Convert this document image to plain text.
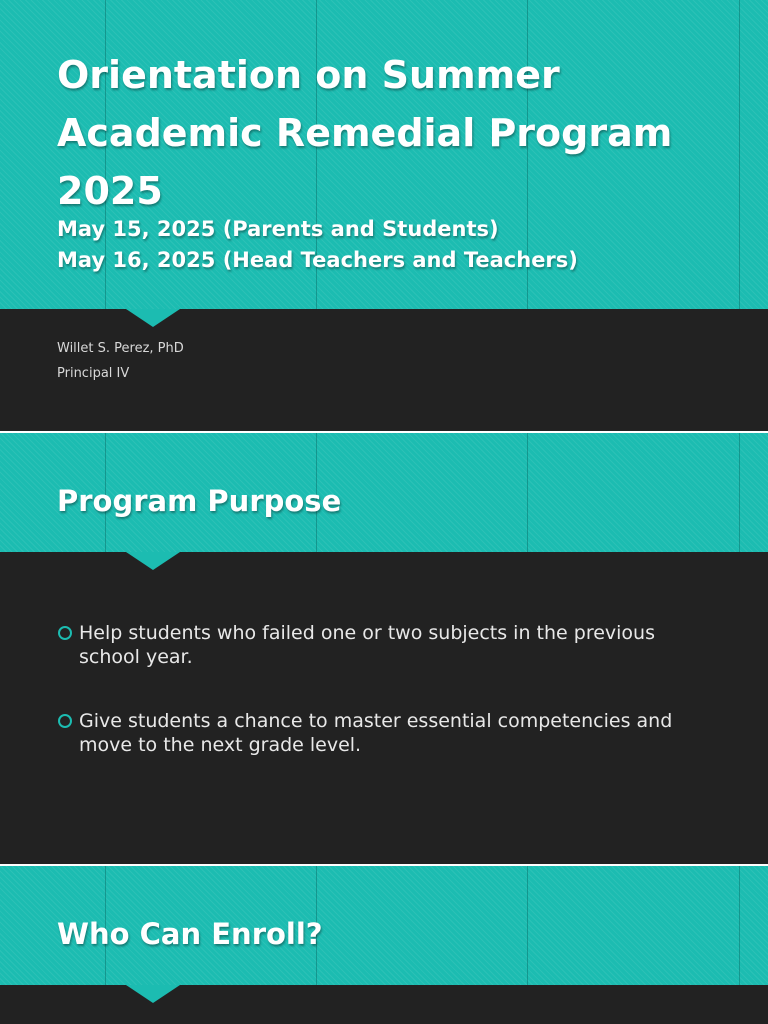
Orientation on Summer
Academic Remedial Program
2025
May 15, 2025 (Parents and Students)
May 16, 2025 (Head Teachers and Teachers)
Willet S. Perez, PhD
Principal IV
Program Purpose
Help students who failed one or two subjects in the previous school year.
Give students a chance to master essential competencies and move to the next grade level.
Who Can Enroll?
